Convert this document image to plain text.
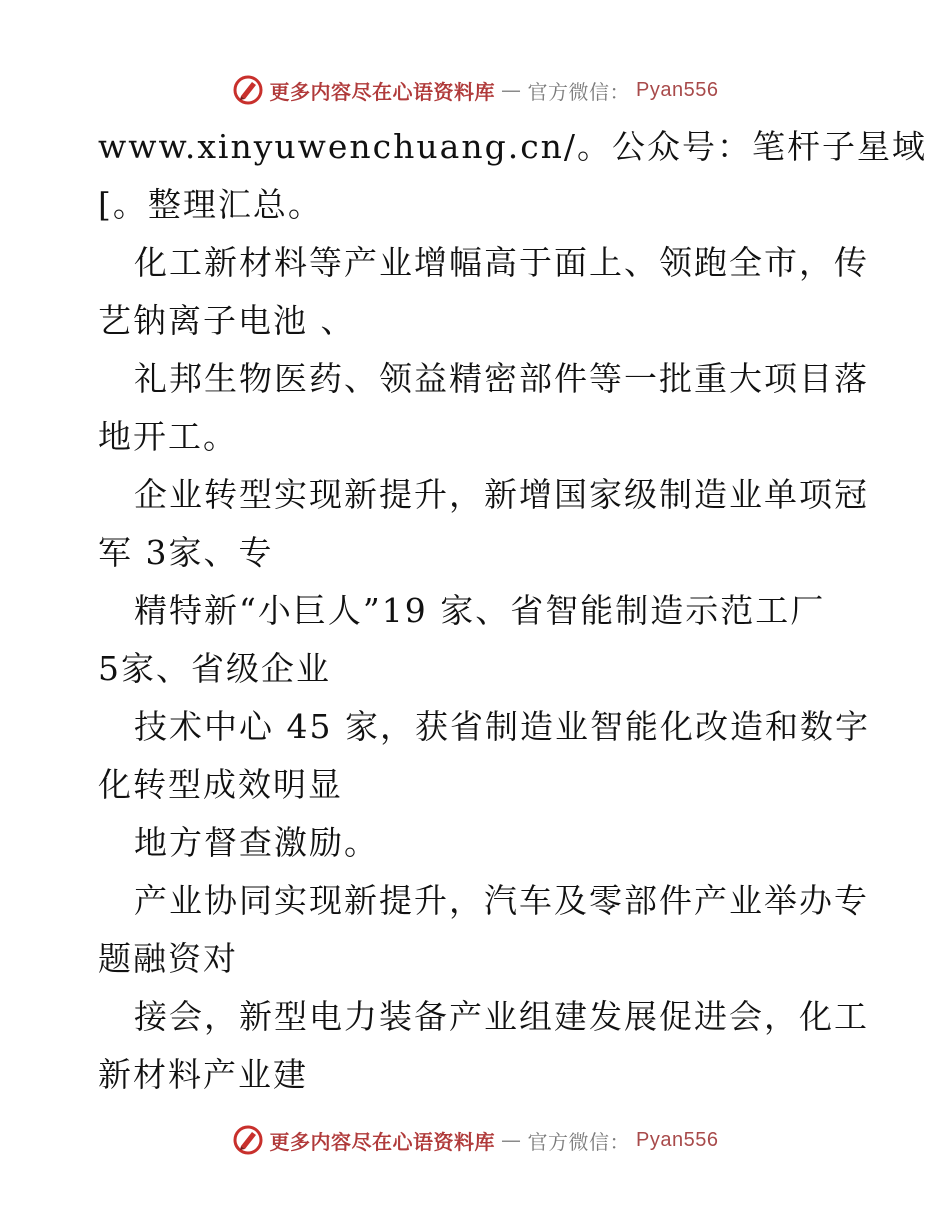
更多内容尽在心语资料库 — 官方微信： Pyan556
www.xinyuwenchuang.cn/。公众号：笔杆子星域
[。整理汇总。
化工新材料等产业增幅高于面上、领跑全市，传
艺钠离子电池 、
礼邦生物医药、领益精密部件等一批重大项目落
地开工。
企业转型实现新提升，新增国家级制造业单项冠
军 3家、专
精特新“小巨人”19 家、省智能制造示范工厂
5家、省级企业
技术中心 45 家，获省制造业智能化改造和数字
化转型成效明显
地方督查激励。
产业协同实现新提升，汽车及零部件产业举办专
题融资对
接会，新型电力装备产业组建发展促进会，化工
新材料产业建
更多内容尽在心语资料库 — 官方微信： Pyan556
